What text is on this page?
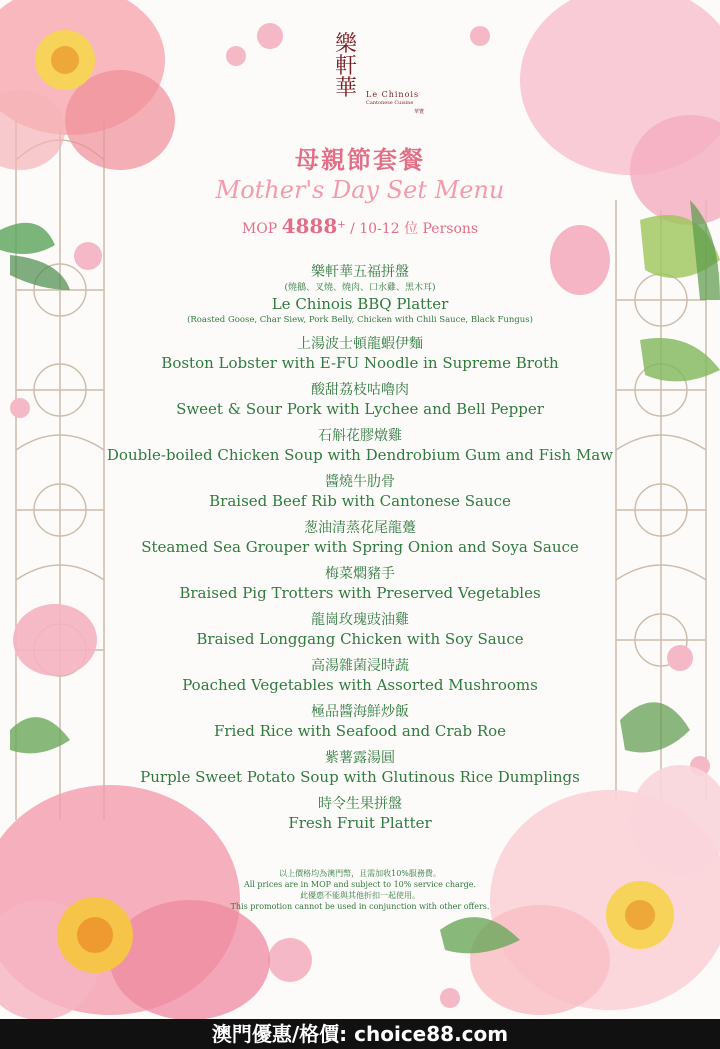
樂軒華	Le Chinois
Cantonese Cuisine
華覽
母親節套餐
Mother's Day Set Menu
MOP 4888+ / 10-12 位 Persons
樂軒華五福拼盤
(燒鵝、叉燒、燒肉、口水雞、黑木耳)
Le Chinois BBQ Platter
(Roasted Goose, Char Siew, Pork Belly, Chicken with Chili Sauce, Black Fungus)
上湯波士頓龍蝦伊麵
Boston Lobster with E-FU Noodle in Supreme Broth
酸甜荔枝咕嚕肉
Sweet & Sour Pork with Lychee and Bell Pepper
石斛花膠燉雞
Double-boiled Chicken Soup with Dendrobium Gum and Fish Maw
醬燒牛肋骨
Braised Beef Rib with Cantonese Sauce
葱油清蒸花尾龍躉
Steamed Sea Grouper with Spring Onion and Soya Sauce
梅菜燜豬手
Braised Pig Trotters with Preserved Vegetables
龍崗玫瑰豉油雞
Braised Longgang Chicken with Soy Sauce
高湯雜菌浸時蔬
Poached Vegetables with Assorted Mushrooms
極品醬海鮮炒飯
Fried Rice with Seafood and Crab Roe
紫薯露湯圓
Purple Sweet Potato Soup with Glutinous Rice Dumplings
時令生果拼盤
Fresh Fruit Platter
以上價格均為澳門幣，且需加收10%服務費。
All prices are in MOP and subject to 10% service charge.
此優惠不能與其他折扣一起使用。
This promotion cannot be used in conjunction with other offers.
澳門優惠/格價: choice88.com
